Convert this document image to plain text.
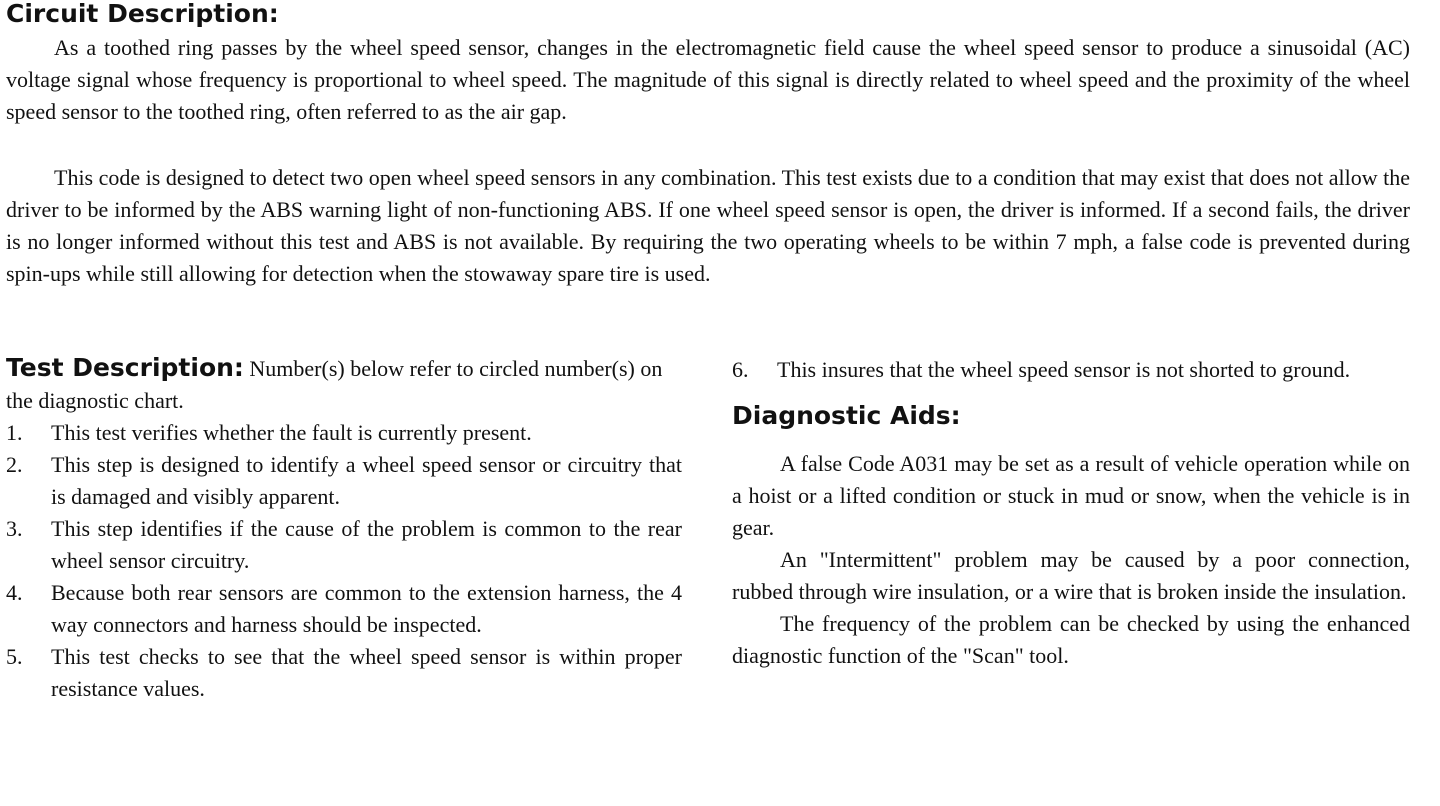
Circuit Description:

As a toothed ring passes by the wheel speed sensor, changes in the electromagnetic field cause the wheel speed sensor to produce a sinusoidal (AC) voltage signal whose frequency is proportional to wheel speed. The magnitude of this signal is directly related to wheel speed and the proximity of the wheel speed sensor to the toothed ring, often referred to as the air gap.

This code is designed to detect two open wheel speed sensors in any combination. This test exists due to a condition that may exist that does not allow the driver to be informed by the ABS warning light of non-functioning ABS. If one wheel speed sensor is open, the driver is informed. If a second fails, the driver is no longer informed without this test and ABS is not available. By requiring the two operating wheels to be within 7 mph, a false code is prevented during spin-ups while still allowing for detection when the stowaway spare tire is used.

Test Description: Number(s) below refer to circled number(s) on the diagnostic chart.

1.	This test verifies whether the fault is currently present.

2.	This step is designed to identify a wheel speed sensor or circuitry that is damaged and visibly apparent.

3.	This step identifies if the cause of the problem is common to the rear wheel sensor circuitry.

4.	Because both rear sensors are common to the extension harness, the 4 way connectors and harness should be inspected.

5.	This test checks to see that the wheel speed sensor is within proper resistance values.

6.	This insures that the wheel speed sensor is not shorted to ground.

Diagnostic Aids:

A false Code A031 may be set as a result of vehicle operation while on a hoist or a lifted condition or stuck in mud or snow, when the vehicle is in gear.

An "Intermittent" problem may be caused by a poor connection, rubbed through wire insulation, or a wire that is broken inside the insulation.

The frequency of the problem can be checked by using the enhanced diagnostic function of the "Scan" tool.
